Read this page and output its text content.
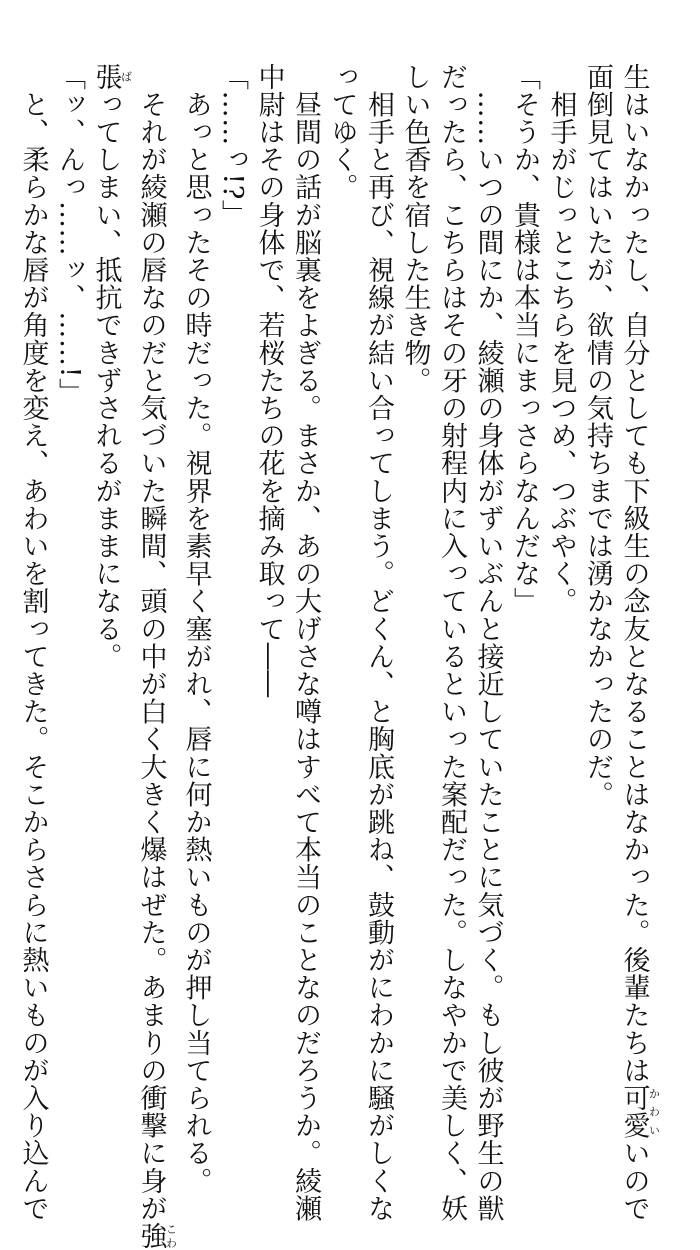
生はいなかったし、自分としても下級生の念友となることはなかった。後輩たちは可愛かわいいので

面倒見てはいたが、欲情の気持ちまでは湧かなかったのだ。

　相手がじっとこちらを見つめ、つぶやく。

「そうか、貴様は本当にまっさらなんだな」

　……いつの間にか、綾瀬の身体がずいぶんと接近していたことに気づく。もし彼が野生の獣

だったら、こちらはその牙の射程内に入っているといった案配だった。しなやかで美しく、妖

しい色香を宿した生き物。

　相手と再び、視線が結い合ってしまう。どくん、と胸底が跳ね、鼓動がにわかに騒がしくな

ってゆく。

　昼間の話が脳裏をよぎる。まさか、あの大げさな噂はすべて本当のことなのだろうか。綾瀬

中尉はその身体で、若桜たちの花を摘み取って――

「……っ!?」

　あっと思ったその時だった。視界を素早く塞がれ、唇に何か熱いものが押し当てられる。

　それが綾瀬の唇なのだと気づいた瞬間、頭の中が白く大きく爆はぜた。あまりの衝撃に身が強こわ

張ばってしまい、抵抗できずされるがままになる。

「ッ、んっ……ッ、……!」

　と、柔らかな唇が角度を変え、あわいを割ってきた。そこからさらに熱いものが入り込んで
